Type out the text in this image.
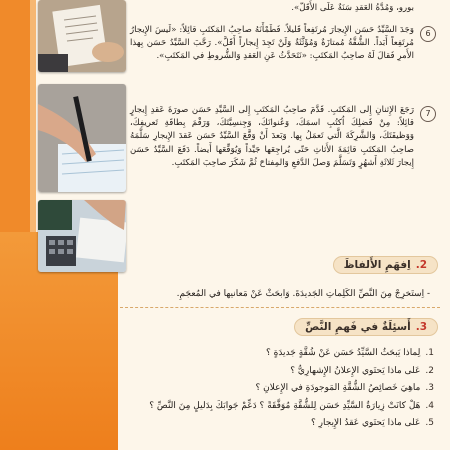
بورو، وَمُدَّةُ العَقدِ سَنَةٌ عَلَى الأَقَلّ».
6
وَجَدَ السَّيِّدُ حَسَن الإِيجارَ مُرتَفِعاً قَليلاً. فَطَمْأَنَهُ صاحِبُ المَكتَبِ قائِلاً: «لَيسَ الإِيجارُ مُرتَفِعاً أَبَداً. الشُّقَّةُ مُمتازَةٌ وَمُؤَثَّثَةٌ وَلَنْ تَجِدَ إِيجاراً أَقَلَّ». رَحَّبَ السَّيِّدُ حَسَن بِهذا الأَمرِ فَقالَ لَهُ صاحِبُ المَكتَبِ: «نَتَحَدَّثُ عَنِ العَقدِ وَالشُّروطِ في المَكتَبِ».
7
رَجَعَ الإِثنانِ إِلى المَكتَبِ. قَدَّمَ صاحِبُ المَكتَبِ إِلى السَّيِّدِ حَسَن صورَةَ عَقدِ إِيجارٍ قائِلاً: مِنْ فَضلِكَ اُكتُبِ اسمَكَ، وَعُنوانَكَ، وَجِنسِيَّتَكَ، وَرَقْمَ بِطاقَةِ تَعريفِكَ، وَوَظيفَتَكَ، وَالشَّرِكَةَ الَّتي تَعمَلُ بِها. وَبَعدَ أَنْ وَقَّعَ السَّيِّدُ حَسَن عَقدَ الإِيجارِ سَلَّمَهُ صاحِبُ المَكتَبِ قائِمَةَ الأَثاثِ حَتّى يُراجِعَها جَيِّداً وَيُوَقِّعَها أَيضاً. دَفَعَ السَّيِّدُ حَسَن إِيجارَ ثَلاثَةِ أَشهُرٍ وَتَسَلَّمَ وَصلَ الدَّفعِ وَالمِفتاحَ ثُمَّ شَكَرَ صاحِبَ المَكتَبِ.
2.
اِفهَمِ الأَلفاظَ
- اِستَخرِجْ مِنَ النَّصِّ الكَلِماتِ الجَديدَةَ. وَابحَثْ عَنْ مَعانيها في المُعجَمِ.
3.
أَسئِلَةٌ في فَهمِ النَّصِّ
1.
لِماذا يَبحَثُ السَّيِّدُ حَسَن عَنْ شُقَّةٍ جَديدَةٍ ؟
2.
عَلى ماذا يَحتَوي الإِعلانُ الإِشهارِيُّ ؟
3.
ماهِيَ خَصائِصُ الشُّقَّةِ المَوجودَةِ في الإِعلانِ ؟
4.
هَلْ كانَتْ زِيارَةُ السَّيِّدِ حَسَن لِلشُّقَّةِ مُوَفَّقَةً ؟ دَعِّمْ جَوابَكَ بِدَليلٍ مِنَ النَّصِّ ؟
5.
عَلى ماذا يَحتَوي عَقدُ الإِيجارِ ؟
